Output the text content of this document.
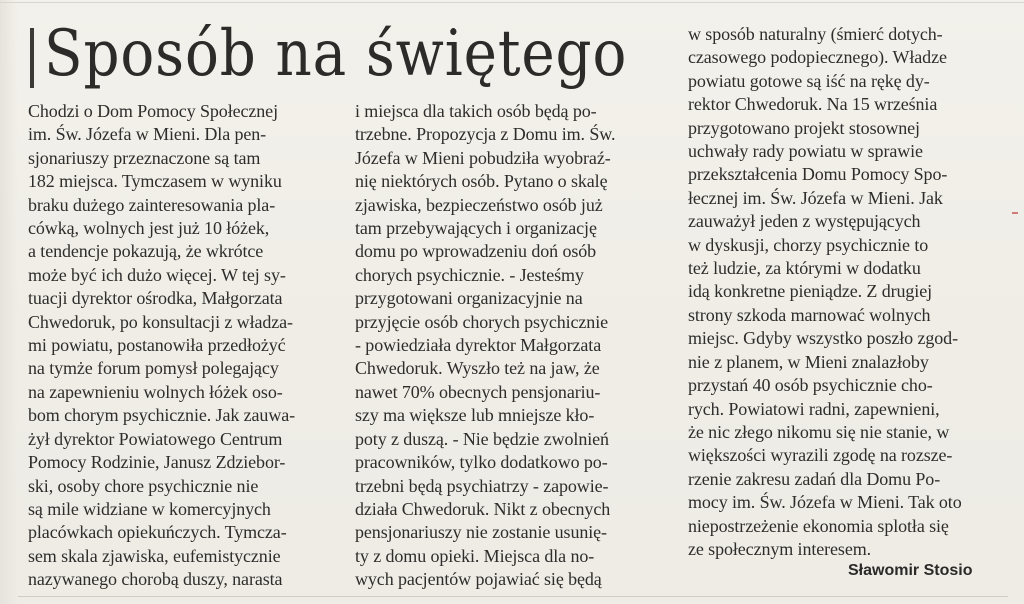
Sposób na świętego
Chodzi o Dom Pomocy Społecznej
im. Św. Józefa w Mieni. Dla pen-
sjonariuszy przeznaczone są tam
182 miejsca. Tymczasem w wyniku
braku dużego zainteresowania pla-
cówką, wolnych jest już 10 łóżek,
a tendencje pokazują, że wkrótce
może być ich dużo więcej. W tej sy-
tuacji dyrektor ośrodka, Małgorzata
Chwedoruk, po konsultacji z władza-
mi powiatu, postanowiła przedłożyć
na tymże forum pomysł polegający
na zapewnieniu wolnych łóżek oso-
bom chorym psychicznie. Jak zauwa-
żył dyrektor Powiatowego Centrum
Pomocy Rodzinie, Janusz Zdziebor-
ski, osoby chore psychicznie nie
są mile widziane w komercyjnych
placówkach opiekuńczych. Tymcza-
sem skala zjawiska, eufemistycznie
nazywanego chorobą duszy, narasta
i miejsca dla takich osób będą po-
trzebne. Propozycja z Domu im. Św.
Józefa w Mieni pobudziła wyobraź-
nię niektórych osób. Pytano o skalę
zjawiska, bezpieczeństwo osób już
tam przebywających i organizację
domu po wprowadzeniu doń osób
chorych psychicznie. - Jesteśmy
przygotowani organizacyjnie na
przyjęcie osób chorych psychicznie
- powiedziała dyrektor Małgorzata
Chwedoruk. Wyszło też na jaw, że
nawet 70% obecnych pensjonariu-
szy ma większe lub mniejsze kło-
poty z duszą. - Nie będzie zwolnień
pracowników, tylko dodatkowo po-
trzebni będą psychiatrzy - zapowie-
działa Chwedoruk. Nikt z obecnych
pensjonariuszy nie zostanie usunię-
ty z domu opieki. Miejsca dla no-
wych pacjentów pojawiać się będą
w sposób naturalny (śmierć dotych-
czasowego podopiecznego). Władze
powiatu gotowe są iść na rękę dy-
rektor Chwedoruk. Na 15 września
przygotowano projekt stosownej
uchwały rady powiatu w sprawie
przekształcenia Domu Pomocy Spo-
łecznej im. Św. Józefa w Mieni. Jak
zauważył jeden z występujących
w dyskusji, chorzy psychicznie to
też ludzie, za którymi w dodatku
idą konkretne pieniądze. Z drugiej
strony szkoda marnować wolnych
miejsc. Gdyby wszystko poszło zgod-
nie z planem, w Mieni znalazłoby
przystań 40 osób psychicznie cho-
rych. Powiatowi radni, zapewnieni,
że nic złego nikomu się nie stanie, w
większości wyrazili zgodę na rozsze-
rzenie zakresu zadań dla Domu Po-
mocy im. Św. Józefa w Mieni. Tak oto
niepostrzeżenie ekonomia splotła się
ze społecznym interesem.
Sławomir Stosio
